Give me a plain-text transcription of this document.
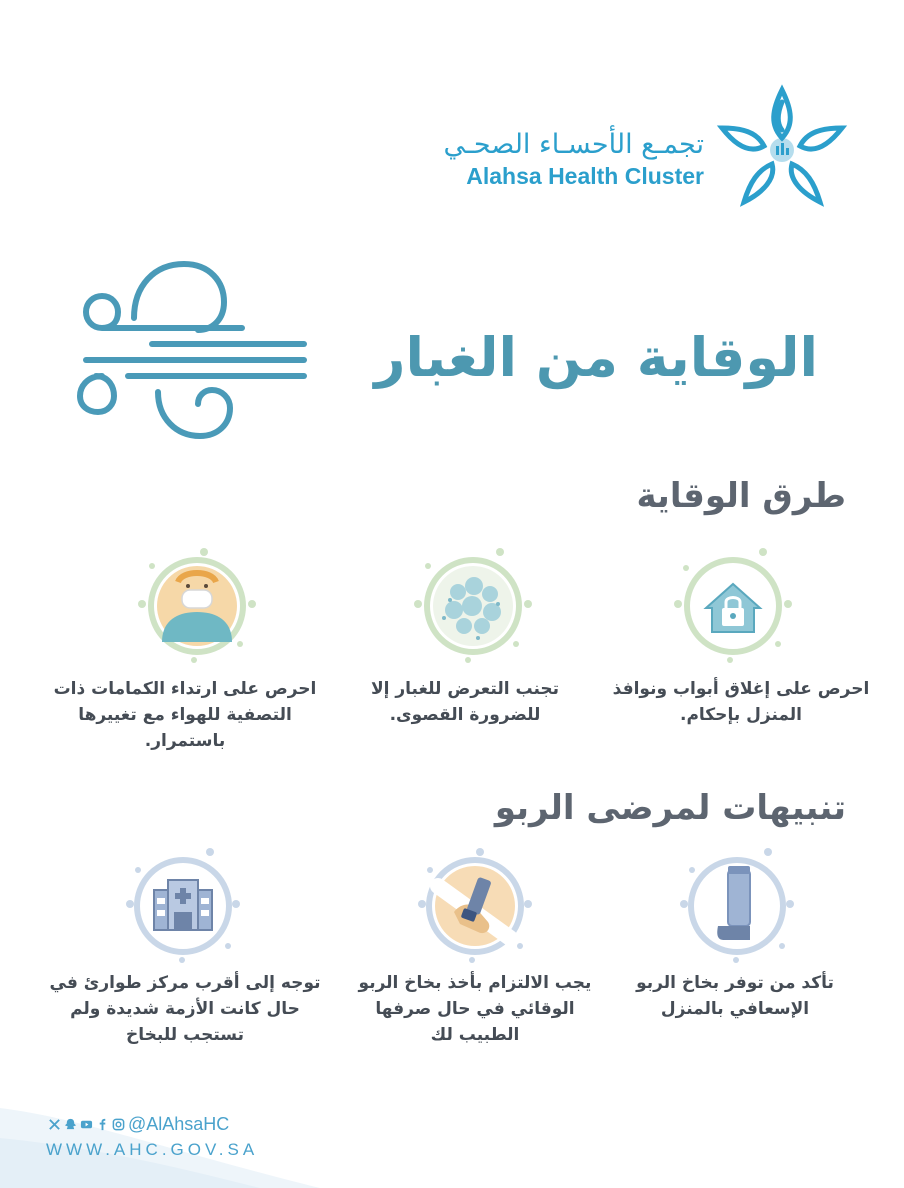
تجمـع الأحسـاء الصحـي
Alahsa Health Cluster
الوقاية من الغبار
طرق الوقاية
احرص على إغلاق أبواب ونوافذ المنزل بإحكام.
تجنب التعرض للغبار إلا للضرورة القصوى.
احرص على ارتداء الكمامات ذات التصفية للهواء مع تغييرها باستمرار.
تنبيهات لمرضى الربو
تأكد من توفر بخاخ الربو الإسعافي بالمنزل
يجب الالتزام بأخذ بخاخ الربو الوقائي في حال صرفها الطبيب لك
توجه إلى أقرب مركز طوارئ في حال كانت الأزمة شديدة ولم تستجب للبخاخ
@AlAhsaHC
WWW.AHC.GOV.SA
